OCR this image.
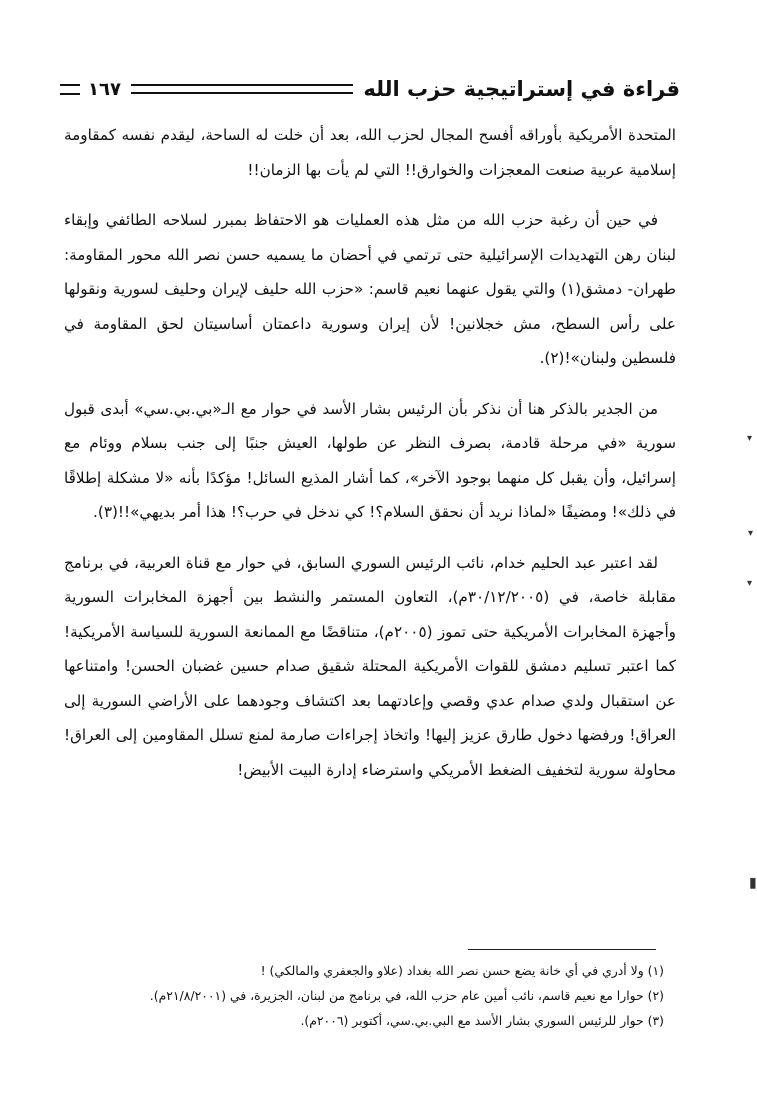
قراءة في إستراتيجية حزب الله
١٦٧

المتحدة الأمريكية بأوراقه أفسح المجال لحزب الله، بعد أن خلت له الساحة، ليقدم نفسه كمقاومة إسلامية عربية صنعت المعجزات والخوارق!! التي لم يأت بها الزمان!!

في حين أن رغبة حزب الله من مثل هذه العمليات هو الاحتفاظ بمبرر لسلاحه الطائفي وإبقاء لبنان رهن التهديدات الإسرائيلية حتى ترتمي في أحضان ما يسميه حسن نصر الله محور المقاومة: طهران- دمشق(١) والتي يقول عنهما نعيم قاسم: «حزب الله حليف لإيران وحليف لسورية ونقولها على رأس السطح، مش خجلانين! لأن إيران وسورية داعمتان أساسيتان لحق المقاومة في فلسطين ولبنان»!(٢).

من الجدير بالذكر هنا أن نذكر بأن الرئيس بشار الأسد في حوار مع الـ«بي.بي.سي» أبدى قبول سورية «في مرحلة قادمة، بصرف النظر عن طولها، العيش جنبًا إلى جنب بسلام ووئام مع إسرائيل، وأن يقبل كل منهما بوجود الآخر»، كما أشار المذيع السائل! مؤكدًا بأنه «لا مشكلة إطلاقًا في ذلك»! ومضيفًا «لماذا نريد أن نحقق السلام؟! كي ندخل في حرب؟! هذا أمر بديهي»!!(٣).

لقد اعتبر عبد الحليم خدام، نائب الرئيس السوري السابق، في حوار مع قناة العربية، في برنامج مقابلة خاصة، في (٣٠/١٢/٢٠٠٥م)، التعاون المستمر والنشط بين أجهزة المخابرات السورية وأجهزة المخابرات الأمريكية حتى تموز (٢٠٠٥م)، متناقضًا مع الممانعة السورية للسياسة الأمريكية! كما اعتبر تسليم دمشق للقوات الأمريكية المحتلة شقيق صدام حسين غضبان الحسن! وامتناعها عن استقبال ولدي صدام عدي وقصي وإعادتهما بعد اكتشاف وجودهما على الأراضي السورية إلى العراق! ورفضها دخول طارق عزيز إليها! واتخاذ إجراءات صارمة لمنع تسلل المقاومين إلى العراق! محاولة سورية لتخفيف الضغط الأمريكي واسترضاء إدارة البيت الأبيض!

(١) ولا أدري في أي خانة يضع حسن نصر الله بغداد (علاو والجعفري والمالكي) !
(٢) حوارا مع نعيم قاسم، نائب أمين عام حزب الله، في برنامج من لبنان، الجزيرة، في (٢١/٨/٢٠٠١م).
(٣) حوار للرئيس السوري بشار الأسد مع البي.بي.سي، أكتوبر (٢٠٠٦م).
▾
▾
▾
▮
